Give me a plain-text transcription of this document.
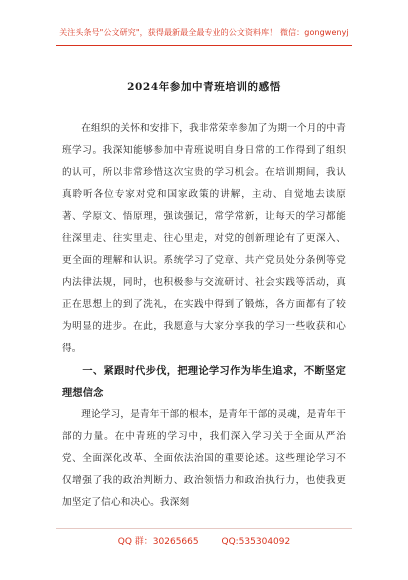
关注头条号"公文研究"，获得最新最全最专业的公文资料库！ 微信：gongwenyj
2024年参加中青班培训的感悟

在组织的关怀和安排下，我非常荣幸参加了为期一个月的中青班学习。我深知能够参加中青班说明自身日常的工作得到了组织的认可，所以非常珍惜这次宝贵的学习机会。在培训期间，我认真聆听各位专家对党和国家政策的讲解，主动、自觉地去读原著、学原文、悟原理，强读强记，常学常新，让每天的学习都能往深里走、往实里走、往心里走，对党的创新理论有了更深入、更全面的理解和认识。系统学习了党章、共产党员处分条例等党内法律法规，同时，也积极参与交流研讨、社会实践等活动，真正在思想上的到了洗礼，在实践中得到了锻炼，各方面都有了较为明显的进步。在此，我愿意与大家分享我的学习一些收获和心得。

一、紧跟时代步伐，把理论学习作为毕生追求，不断坚定理想信念

理论学习，是青年干部的根本，是青年干部的灵魂，是青年干部的力量。在中青班的学习中，我们深入学习关于全面从严治党、全面深化改革、全面依法治国的重要论述。这些理论学习不仅增强了我的政治判断力、政治领悟力和政治执行力，也使我更加坚定了信心和决心。我深刻

QQ 群：30265665	QQ:535304092
